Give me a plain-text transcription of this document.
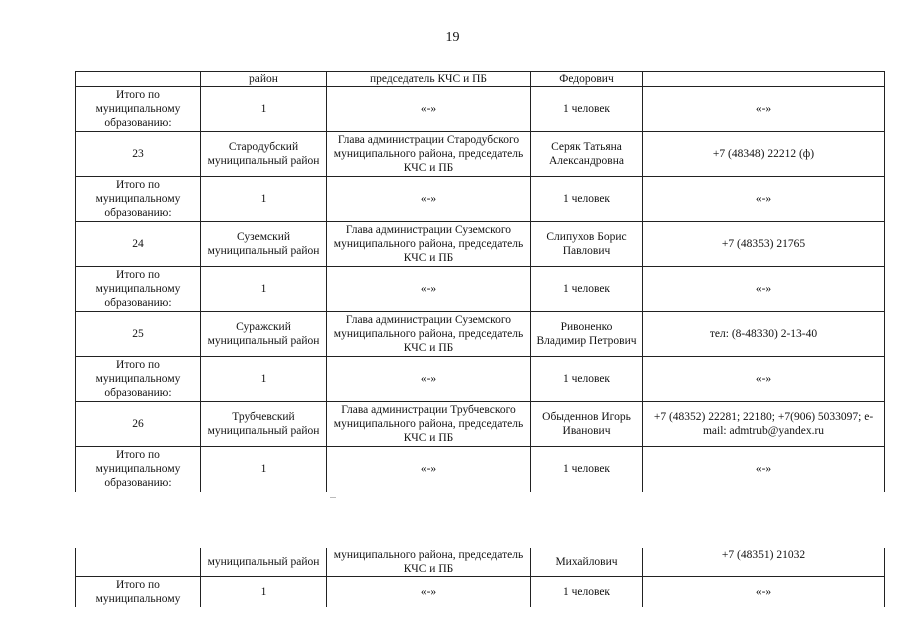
19
	район	председатель КЧС и ПБ	Федорович	
Итого по муниципальному образованию:	1	«-»	1 человек	«-»
23	Стародубский муниципальный район	Глава администрации Стародубского муниципального района, председатель КЧС и ПБ	Серяк Татьяна Александровна	+7 (48348) 22212 (ф)
Итого по муниципальному образованию:	1	«-»	1 человек	«-»
24	Суземский муниципальный район	Глава администрации Суземского муниципального района, председатель КЧС и ПБ	Слипухов Борис Павлович	+7 (48353) 21765
Итого по муниципальному образованию:	1	«-»	1 человек	«-»
25	Суражский муниципальный район	Глава администрации Суземского муниципального района, председатель КЧС и ПБ	Ривоненко Владимир Петрович	тел: (8-48330) 2-13-40
Итого по муниципальному образованию:	1	«-»	1 человек	«-»
26	Трубчевский муниципальный район	Глава администрации Трубчевского муниципального района, председатель КЧС и ПБ	Обыденнов Игорь Иванович	+7 (48352) 22281; 22180; +7(906) 5033097; e-mail: admtrub@yandex.ru
Итого по муниципальному образованию:	1	«-»	1 человек	«-»
	муниципальный район	муниципального района, председатель КЧС и ПБ	Михайлович	+7 (48351) 21032
Итого по муниципальному	1	«-»	1 человек	«-»
